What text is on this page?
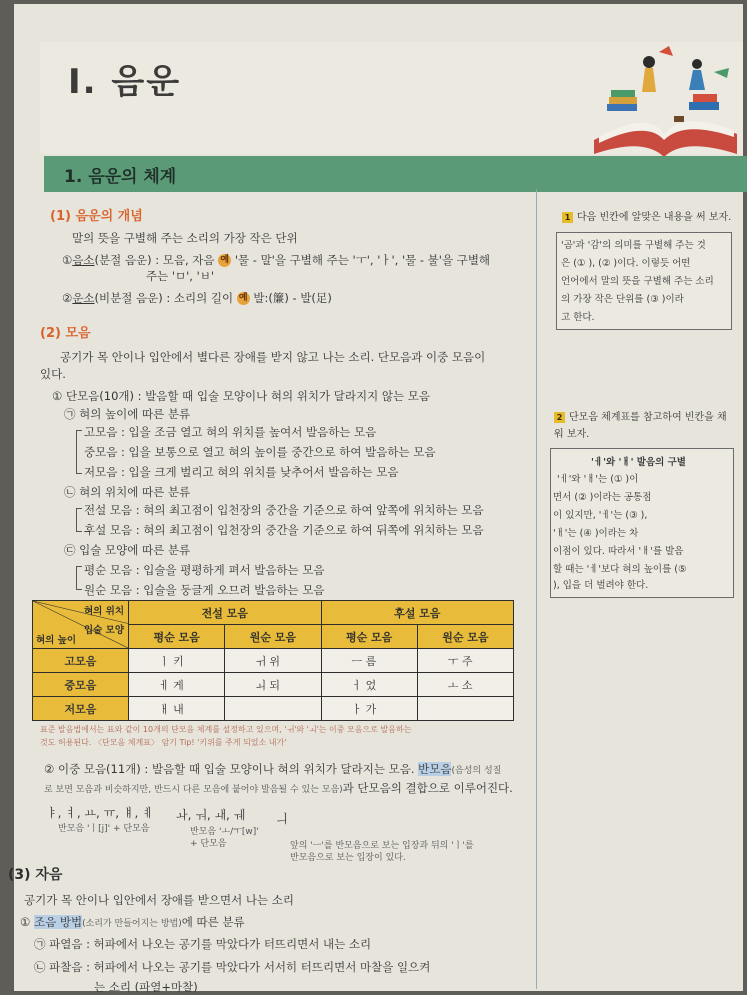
Ⅰ. 음운
1. 음운의 체계
(1) 음운의 개념
말의 뜻을 구별해 주는 소리의 가장 작은 단위
①음소(분절 음운) : 모음, 자음 예 '물 - 말'을 구별해 주는 'ㅜ', 'ㅏ', '물 - 불'을 구별해
주는 'ㅁ', 'ㅂ'
②운소(비분절 음운) : 소리의 길이 예 발:(簾) - 발(足)
(2) 모음
공기가 목 안이나 입안에서 별다른 장애를 받지 않고 나는 소리. 단모음과 이중 모음이
있다.
① 단모음(10개) : 발음할 때 입술 모양이나 혀의 위치가 달라지지 않는 모음
㉠ 혀의 높이에 따른 분류
고모음 : 입을 조금 열고 혀의 위치를 높여서 발음하는 모음
중모음 : 입을 보통으로 열고 혀의 높이를 중간으로 하여 발음하는 모음
저모음 : 입을 크게 벌리고 혀의 위치를 낮추어서 발음하는 모음
㉡ 혀의 위치에 따른 분류
전설 모음 : 혀의 최고점이 입천장의 중간을 기준으로 하여 앞쪽에 위치하는 모음
후설 모음 : 혀의 최고점이 입천장의 중간을 기준으로 하여 뒤쪽에 위치하는 모음
㉢ 입술 모양에 따른 분류
평순 모음 : 입술을 평평하게 펴서 발음하는 모음
원순 모음 : 입술을 둥글게 오므려 발음하는 모음
혀의 위치
입술 모양
혀의 높이	전설 모음		후설 모음	
	평순 모음	원순 모음	평순 모음	원순 모음
고모음	ㅣ 키	ㅟ 위	ㅡ 름	ㅜ 주
중모음	ㅔ 게	ㅚ 되	ㅓ 었	ㅗ 소
저모음	ㅐ 내		ㅏ 가	
표준 발음법에서는 표와 같이 10개의 단모음 체계를 설정하고 있으며, 'ㅟ'와 'ㅚ'는 이중 모음으로 발음하는
것도 허용된다. 〈단모음 체계표〉 암기 Tip! '키위를 주게 되었소 내가'
② 이중 모음(11개) : 발음할 때 입술 모양이나 혀의 위치가 달라지는 모음. 반모음(음성의 성질
로 보면 모음과 비슷하지만, 반드시 다른 모음에 붙어야 발음될 수 있는 모음)과 단모음의 결합으로 이루어진다.
ㅑ, ㅕ, ㅛ, ㅠ, ㅒ, ㅖ
반모음 'ㅣ[j]' + 단모음
ㅘ, ㅝ, ㅙ, ㅞ
반모음 'ㅗ/ㅜ[w]'
+ 단모음
ㅢ
앞의 'ㅡ'를 반모음으로 보는 입장과 뒤의 'ㅣ'를
반모음으로 보는 입장이 있다.
(3) 자음
공기가 목 안이나 입안에서 장애를 받으면서 나는 소리
① 조음 방법(소리가 만들어지는 방법)에 따른 분류
㉠ 파열음 : 허파에서 나오는 공기를 막았다가 터뜨리면서 내는 소리
㉡ 파찰음 : 허파에서 나오는 공기를 막았다가 서서히 터뜨리면서 마찰을 일으켜
는 소리 (파열+마찰)
1 다음 빈칸에 알맞은 내용을 써 보자.
'곰'과 '감'의 의미를 구별해 주는 것
은 (① ), (② )이다. 이렇듯 어떤
언어에서 말의 뜻을 구별해 주는 소리
의 가장 작은 단위를 (③ )이라
고 한다.
2 단모음 체계표를 참고하여 빈칸을 채
워 보자.
'ㅔ'와 'ㅐ' 발음의 구별
'ㅔ'와 'ㅐ'는 (① )이
면서 (② )이라는 공통점
이 있지만, 'ㅔ'는 (③ ),
'ㅐ'는 (④ )이라는 차
이점이 있다. 따라서 'ㅐ'를 발음
할 때는 'ㅔ'보다 혀의 높이를 (⑤
), 입을 더 벌려야 한다.
